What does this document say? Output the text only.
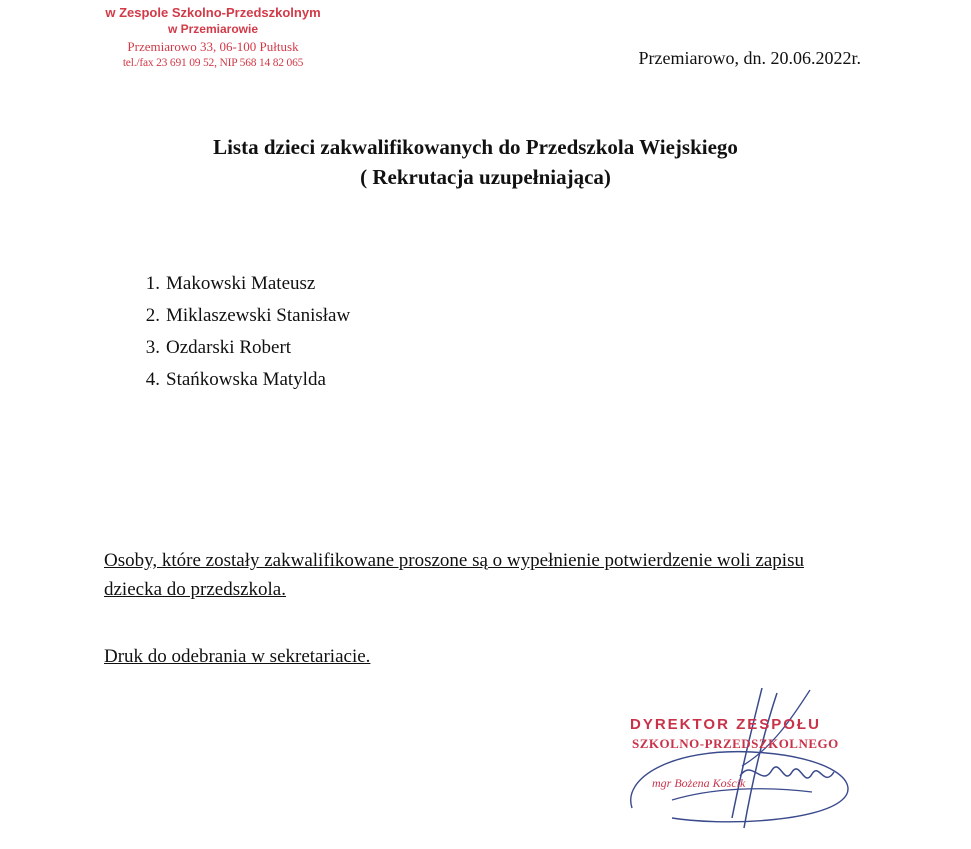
w Zespole Szkolno-Przedszkolnym
w Przemiarowie
Przemiarowo 33, 06-100 Pułtusk
tel./fax 23 691 09 52, NIP 568 14 82 065	Przemiarowo, dn. 20.06.2022r.
Lista dzieci zakwalifikowanych do Przedszkola Wiejskiego
( Rekrutacja uzupełniająca)
1. Makowski Mateusz
2. Miklaszewski Stanisław
3. Ozdarski Robert
4. Stańkowska Matylda
Osoby, które zostały zakwalifikowane proszone są o wypełnienie potwierdzenie woli zapisu dziecka do przedszkola.
Druk do odebrania w sekretariacie.
DYREKTOR ZESPOŁU
SZKOLNO-PRZEDSZKOLNEGO
mgr Bożena Kościk
